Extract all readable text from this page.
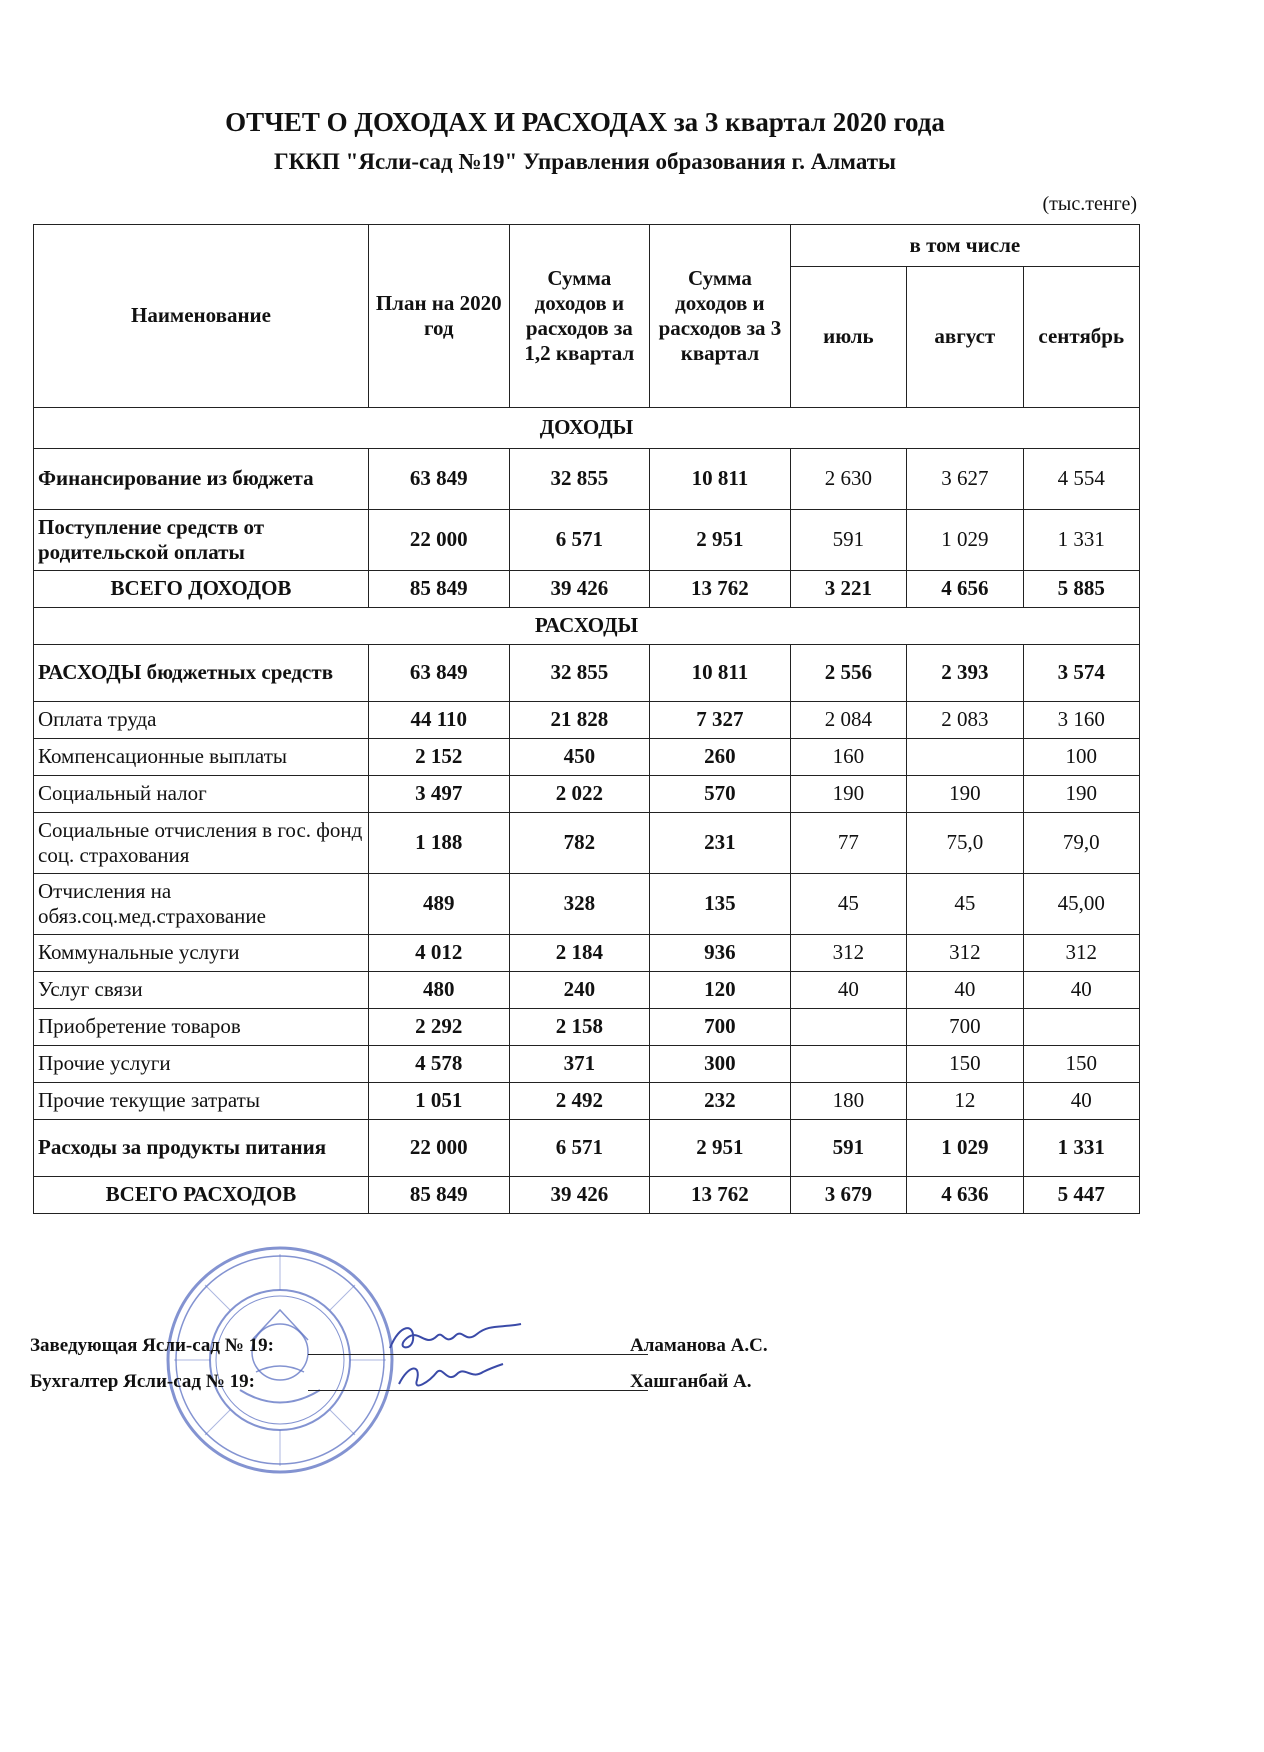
ОТЧЕТ О ДОХОДАХ И РАСХОДАХ за 3 квартал 2020 года
ГККП "Ясли-сад №19" Управления образования г. Алматы
(тыс.тенге)
Наименование	План на 2020 год	Сумма доходов и расходов за 1,2 квартал	Сумма доходов и расходов за 3 квартал	в том числе		
				июль	август	сентябрь
ДОХОДЫ						
Финансирование из бюджета	63 849	32 855	10 811	2 630	3 627	4 554
Поступление средств от родительской оплаты	22 000	6 571	2 951	591	1 029	1 331
ВСЕГО ДОХОДОВ	85 849	39 426	13 762	3 221	4 656	5 885
РАСХОДЫ						
РАСХОДЫ бюджетных средств	63 849	32 855	10 811	2 556	2 393	3 574
Оплата труда	44 110	21 828	7 327	2 084	2 083	3 160
Компенсационные выплаты	2 152	450	260	160		100
Социальный налог	3 497	2 022	570	190	190	190
Социальные отчисления в гос. фонд соц. страхования	1 188	782	231	77	75,0	79,0
Отчисления на обяз.соц.мед.страхование	489	328	135	45	45	45,00
Коммунальные услуги	4 012	2 184	936	312	312	312
Услуг связи	480	240	120	40	40	40
Приобретение товаров	2 292	2 158	700		700	
Прочие услуги	4 578	371	300		150	150
Прочие текущие затраты	1 051	2 492	232	180	12	40
Расходы за продукты питания	22 000	6 571	2 951	591	1 029	1 331
ВСЕГО РАСХОДОВ	85 849	39 426	13 762	3 679	4 636	5 447
Заведующая Ясли-сад № 19:	Аламанова А.С.
Бухгалтер Ясли-сад № 19:	Хашганбай А.
